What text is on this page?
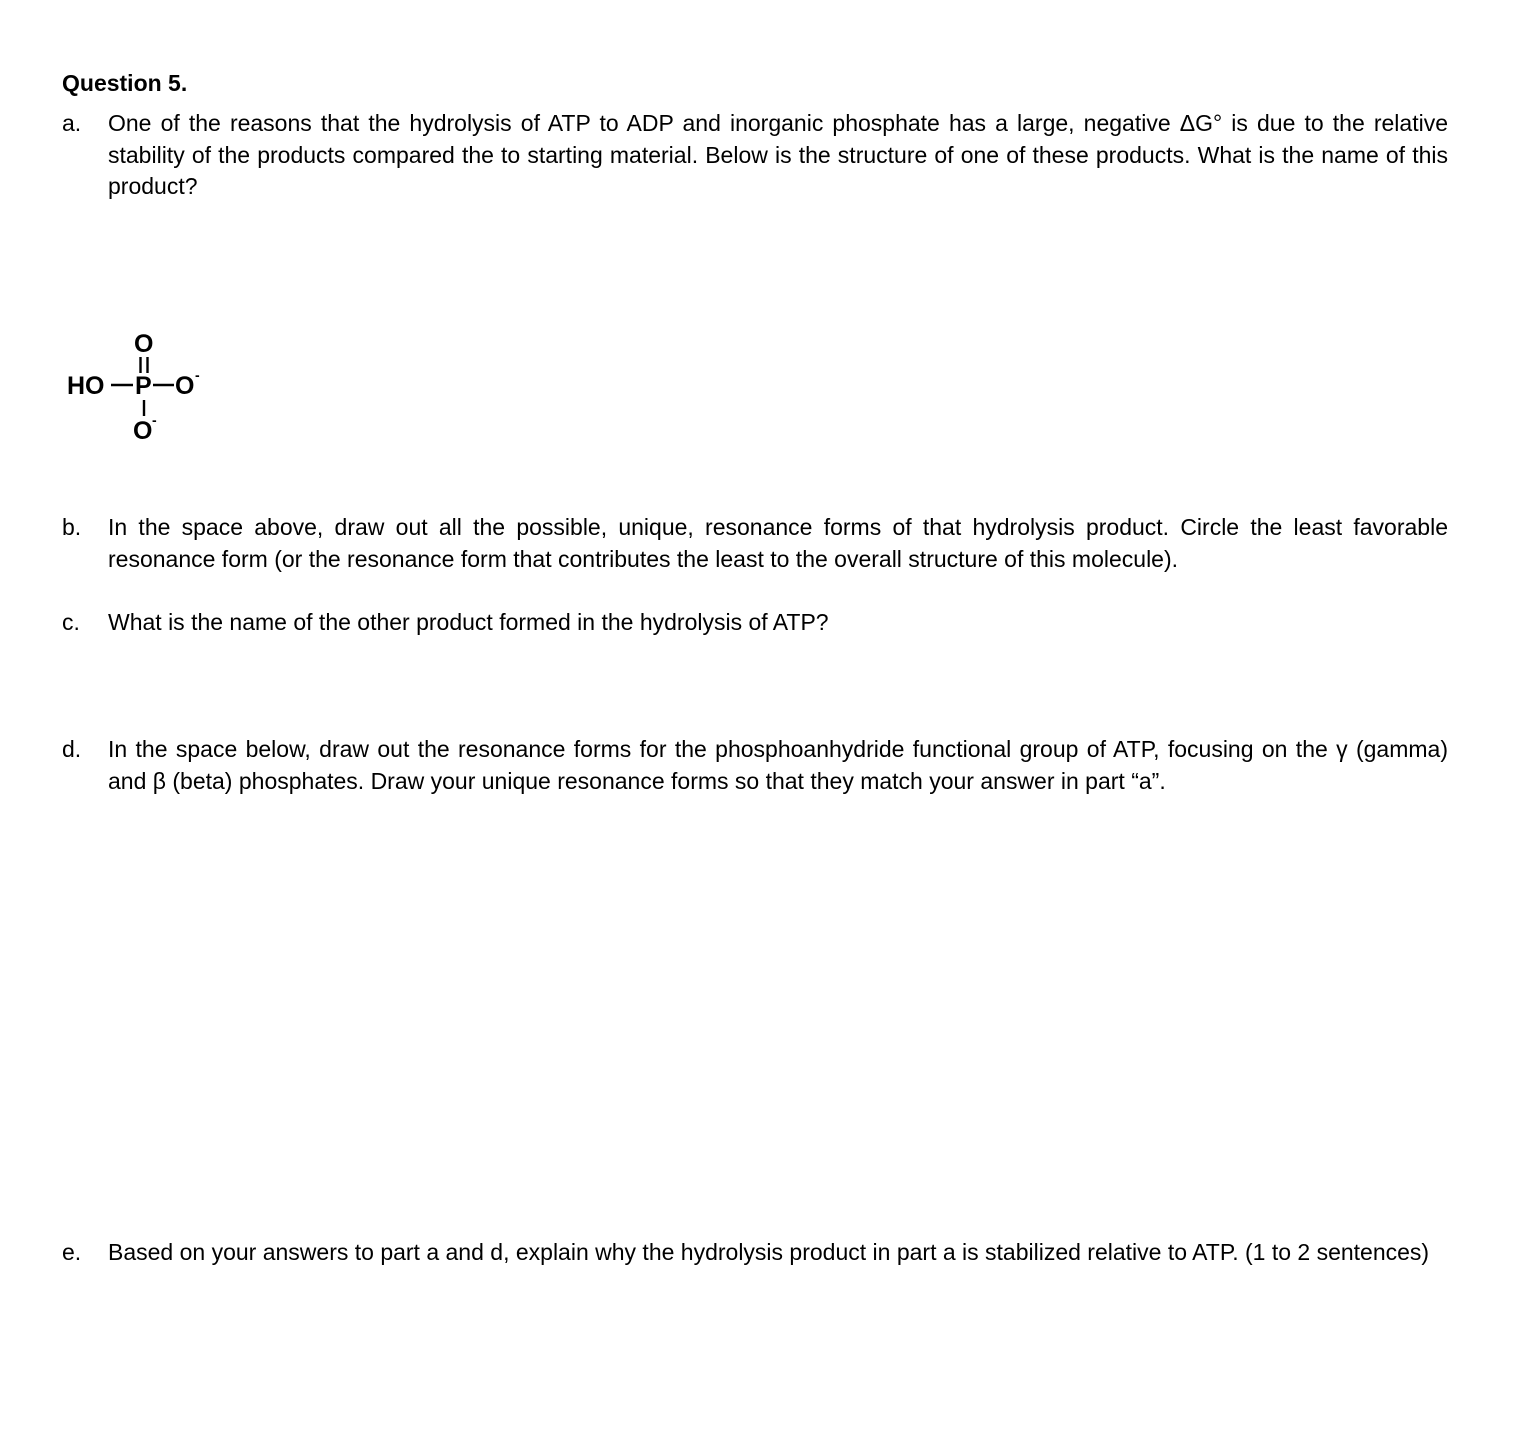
Question 5.
a.	One of the reasons that the hydrolysis of ATP to ADP and inorganic phosphate has a large, negative ΔG° is due to the relative stability of the products compared the to starting material. Below is the structure of one of these products. What is the name of this product?
O
HO P O -
O -
b.	In the space above, draw out all the possible, unique, resonance forms of that hydrolysis product. Circle the least favorable resonance form (or the resonance form that contributes the least to the overall structure of this molecule).
c.	What is the name of the other product formed in the hydrolysis of ATP?
d.	In the space below, draw out the resonance forms for the phosphoanhydride functional group of ATP, focusing on the γ (gamma) and β (beta) phosphates. Draw your unique resonance forms so that they match your answer in part “a”.
e.	Based on your answers to part a and d, explain why the hydrolysis product in part a is stabilized relative to ATP. (1 to 2 sentences)
